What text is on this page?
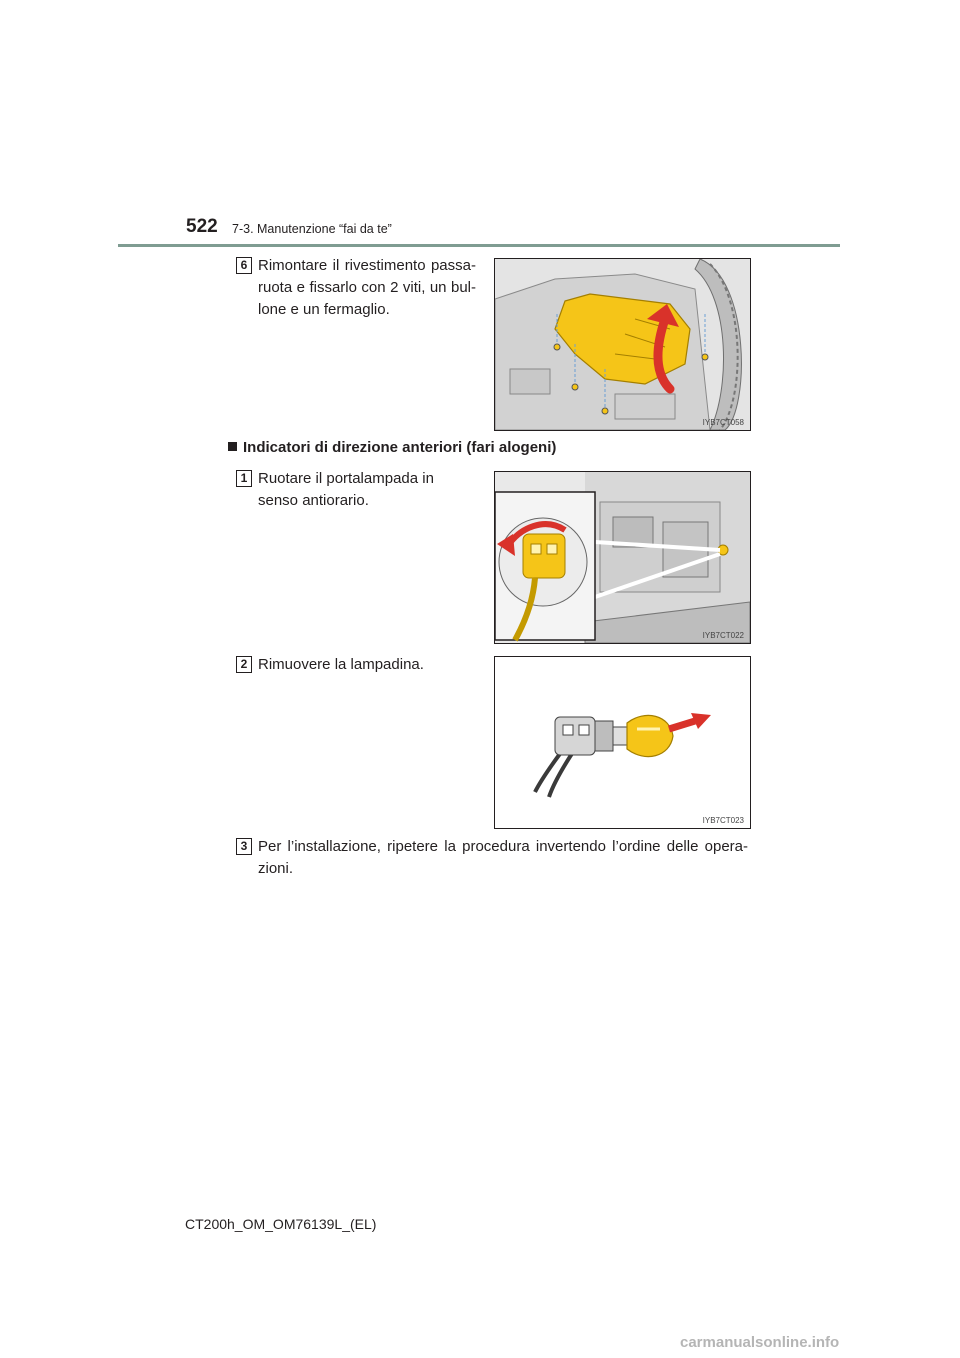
522 7-3. Manutenzione “fai da te”
6 Rimontare il rivestimento passa-ruota e fissarlo con 2 viti, un bul-lone e un fermaglio.
IYB7CT058
Indicatori di direzione anteriori (fari alogeni)
1 Ruotare il portalampada in senso antiorario.
IYB7CT022
2 Rimuovere la lampadina.
IYB7CT023
3 Per l’installazione, ripetere la procedura invertendo l’ordine delle opera-zioni.
CT200h_OM_OM76139L_(EL)
carmanualsonline.info
